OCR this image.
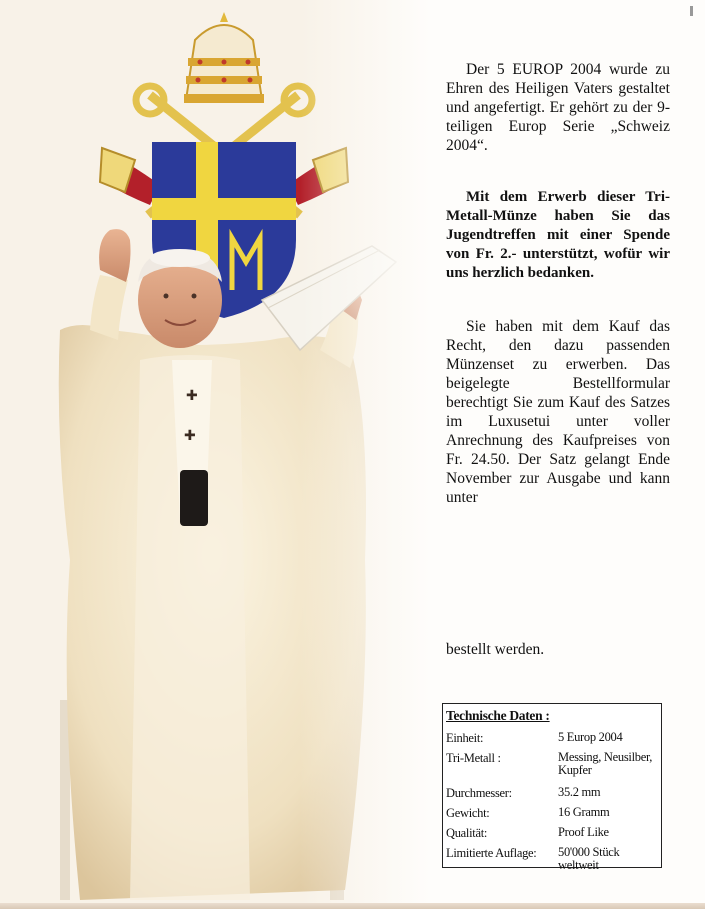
✚
✚

Der 5 EUROP 2004 wurde zu Ehren des Heiligen Vaters gestaltet und angefertigt. Er gehört zu der 9-teiligen Europ Serie „Schweiz 2004“.

Mit dem Erwerb dieser Tri-Metall-Münze haben Sie das Jugendtreffen mit einer Spende von Fr. 2.- unterstützt, wofür wir uns herzlich bedanken.

Sie haben mit dem Kauf das Recht, den dazu passenden Münzenset zu erwerben. Das beigelegte Bestellformular berechtigt Sie zum Kauf des Satzes im Luxusetui unter voller Anrechnung des Kaufpreises von Fr. 24.50. Der Satz gelangt Ende November zur Ausgabe und kann unter

bestellt werden.

Technische Daten :
Einheit:	5 Europ 2004
Tri-Metall :	Messing, Neusilber, Kupfer
Durchmesser:	35.2 mm
Gewicht:	16 Gramm
Qualität:	Proof Like
Limitierte Auflage: 50'000 Stück weltweit
